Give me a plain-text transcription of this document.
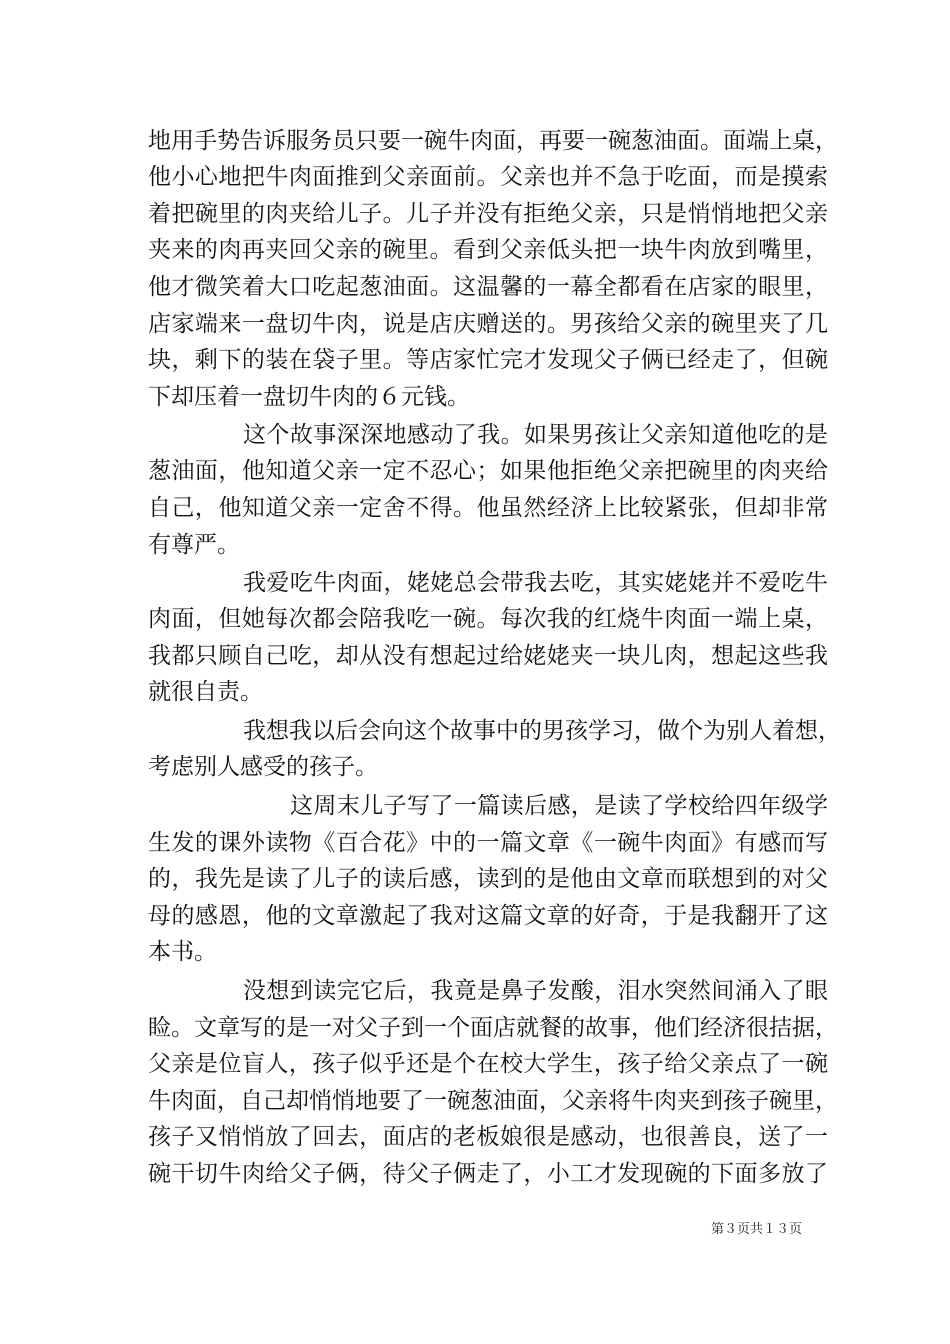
地用手势告诉服务员只要一碗牛肉面，再要一碗葱油面。面端上桌，
他小心地把牛肉面推到父亲面前。父亲也并不急于吃面，而是摸索
着把碗里的肉夹给儿子。儿子并没有拒绝父亲，只是悄悄地把父亲
夹来的肉再夹回父亲的碗里。看到父亲低头把一块牛肉放到嘴里，
他才微笑着大口吃起葱油面。这温馨的一幕全都看在店家的眼里，
店家端来一盘切牛肉，说是店庆赠送的。男孩给父亲的碗里夹了几
块，剩下的装在袋子里。等店家忙完才发现父子俩已经走了，但碗
下却压着一盘切牛肉的６元钱。
这个故事深深地感动了我。如果男孩让父亲知道他吃的是
葱油面，他知道父亲一定不忍心；如果他拒绝父亲把碗里的肉夹给
自己，他知道父亲一定舍不得。他虽然经济上比较紧张，但却非常
有尊严。
我爱吃牛肉面，姥姥总会带我去吃，其实姥姥并不爱吃牛
肉面，但她每次都会陪我吃一碗。每次我的红烧牛肉面一端上桌，
我都只顾自己吃，却从没有想起过给姥姥夹一块儿肉，想起这些我
就很自责。
我想我以后会向这个故事中的男孩学习，做个为别人着想，
考虑别人感受的孩子。
这周末儿子写了一篇读后感，是读了学校给四年级学
生发的课外读物《百合花》中的一篇文章《一碗牛肉面》有感而写
的，我先是读了儿子的读后感，读到的是他由文章而联想到的对父
母的感恩，他的文章激起了我对这篇文章的好奇，于是我翻开了这
本书。
没想到读完它后，我竟是鼻子发酸，泪水突然间涌入了眼
睑。文章写的是一对父子到一个面店就餐的故事，他们经济很拮据，
父亲是位盲人，孩子似乎还是个在校大学生，孩子给父亲点了一碗
牛肉面，自己却悄悄地要了一碗葱油面，父亲将牛肉夹到孩子碗里，
孩子又悄悄放了回去，面店的老板娘很是感动，也很善良，送了一
碗干切牛肉给父子俩，待父子俩走了，小工才发现碗的下面多放了
第３页共１３页
